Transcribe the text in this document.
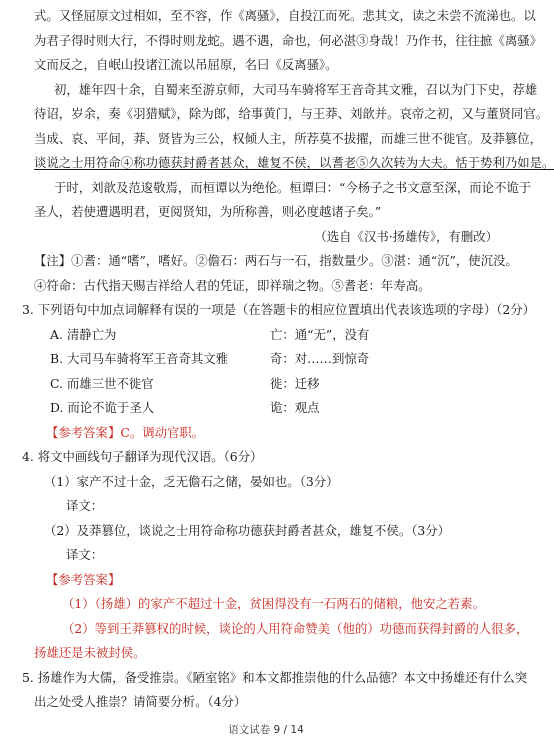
式。又怪屈原文过相如，至不容，作《离骚》，自投江而死。悲其文，读之未尝不流涕也。以
为君子得时则大行，不得时则龙蛇。遇不遇，命也，何必湛③身哉！乃作书，往往摭《离骚》
文而反之，自岷山投诸江流以吊屈原，名曰《反离骚》。
初，雄年四十余，自蜀来至游京师，大司马车骑将军王音奇其文雅，召以为门下史，荐雄
待诏，岁余，奏《羽猎赋》，除为郎，给事黄门，与王莽、刘歆并。哀帝之初，又与董贤同官。
当成、哀、平间，莽、贤皆为三公，权倾人主，所荐莫不拔擢，而雄三世不徙官。及莽篡位，
谈说之士用符命④称功德获封爵者甚众，雄复不侯，以耆老⑤久次转为大夫。恬于势利乃如是。
于时，刘歆及范逡敬焉，而桓谭以为绝伦。桓谭曰：“今杨子之书文意至深，而论不诡于
圣人，若使遭遇明君，更阅贤知，为所称善，则必度越诸子矣。”
（选自《汉书·扬雄传》，有删改）
【注】①耆：通“嗜”，嗜好。②儋石：两石与一石，指数量少。③湛：通“沉”，使沉没。
④符命：古代指天赐吉祥给人君的凭证，即祥瑞之物。⑤耆老：年寿高。
3. 下列语句中加点词解释有误的一项是（在答题卡的相应位置填出代表该选项的字母）（2分）
A. 清静亡为	亡：通“无”，没有
B. 大司马车骑将军王音奇其文雅	奇：对……到惊奇
C. 而雄三世不徙官	徙：迁移
D. 而论不诡于圣人	诡：观点
【参考答案】C。调动官职。
4. 将文中画线句子翻译为现代汉语。（6分）
（1）家产不过十金，乏无儋石之储，晏如也。（3分）
译文：
（2）及莽篡位，谈说之士用符命称功德获封爵者甚众，雄复不侯。（3分）
译文：
【参考答案】
（1）（扬雄）的家产不超过十金，贫困得没有一石两石的储粮，他安之若素。
（2）等到王莽篡权的时候，谈论的人用符命赞美（他的）功德而获得封爵的人很多，
扬雄还是未被封侯。
5. 扬雄作为大儒，备受推崇。《陋室铭》和本文都推崇他的什么品德？本文中扬雄还有什么突
出之处受人推崇？请简要分析。（4分）
语文试卷 9 / 14
